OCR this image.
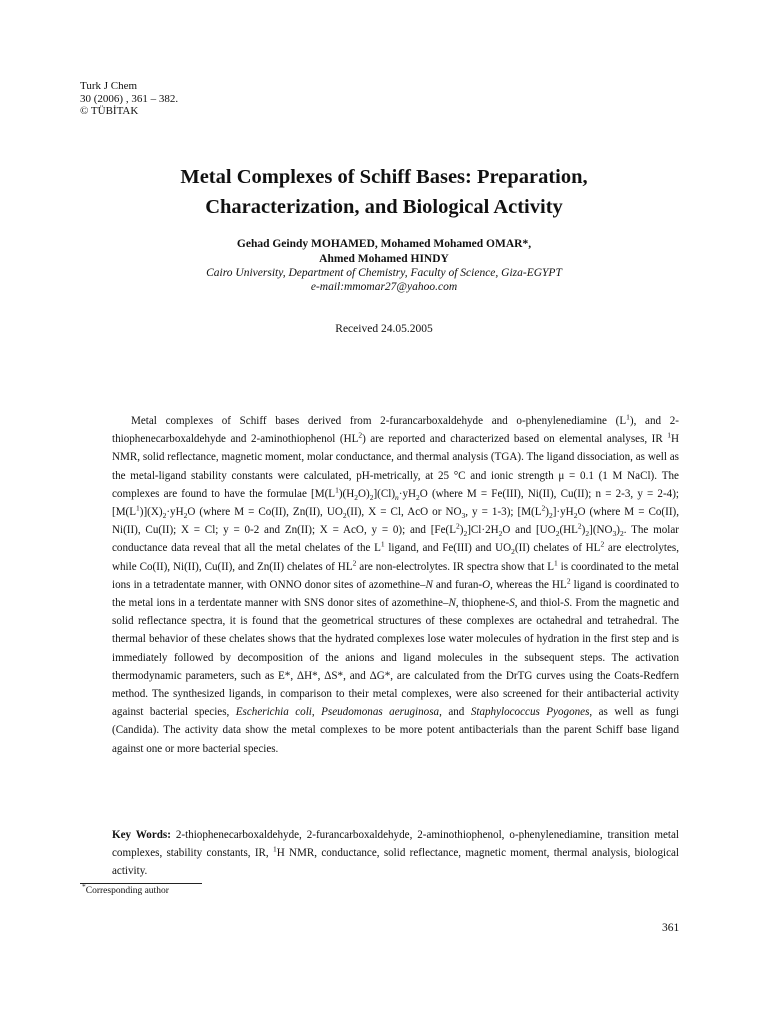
Turk J Chem
30 (2006) , 361 – 382.
© TÜBİTAK
Metal Complexes of Schiff Bases: Preparation,
Characterization, and Biological Activity
Gehad Geindy MOHAMED, Mohamed Mohamed OMAR*,
Ahmed Mohamed HINDY
Cairo University, Department of Chemistry, Faculty of Science, Giza-EGYPT
e-mail:mmomar27@yahoo.com
Received 24.05.2005

Metal complexes of Schiff bases derived from 2-furancarboxaldehyde and o-phenylenediamine $(L^1)$, and 2-thiophenecarboxaldehyde and 2-aminothiophenol $(HL^2)$ are reported and characterized based on elemental analyses, IR $^1$H NMR, solid reflectance, magnetic moment, molar conductance, and thermal analysis (TGA). The ligand dissociation, as well as the metal-ligand stability constants were calculated, pH-metrically, at 25 °C and ionic strength μ = 0.1 (1 M NaCl). The complexes are found to have the formulae $[M(L^1)(H_2O)_2](Cl)_n\cdot yH_2O$ (where M = Fe(III), Ni(II), Cu(II); n = 2-3, y = 2-4); $[M(L^1)](X)_2\cdot yH_2O$ (where M = Co(II), Zn(II), $UO_2(II)$, X = Cl, AcO or $NO_3$, y = 1-3); $[M(L^2)_2]\cdot yH_2O$ (where M = Co(II), Ni(II), Cu(II); X = Cl; y = 0-2 and Zn(II); X = AcO, y = 0); and $[Fe(L^2)_2]Cl\cdot 2H_2O$ and $[UO_2(HL^2)_2](NO_3)_2$. The molar conductance data reveal that all the metal chelates of the $L^1$ ligand, and Fe(III) and $UO_2(II)$ chelates of $HL^2$ are electrolytes, while Co(II), Ni(II), Cu(II), and Zn(II) chelates of $HL^2$ are non-electrolytes. IR spectra show that $L^1$ is coordinated to the metal ions in a tetradentate manner, with ONNO donor sites of azomethine–N and furan-O, whereas the $HL^2$ ligand is coordinated to the metal ions in a terdentate manner with SNS donor sites of azomethine–N, thiophene-S, and thiol-S. From the magnetic and solid reflectance spectra, it is found that the geometrical structures of these complexes are octahedral and tetrahedral. The thermal behavior of these chelates shows that the hydrated complexes lose water molecules of hydration in the first step and is immediately followed by decomposition of the anions and ligand molecules in the subsequent steps. The activation thermodynamic parameters, such as E*, ΔH*, ΔS*, and ΔG*, are calculated from the DrTG curves using the Coats-Redfern method. The synthesized ligands, in comparison to their metal complexes, were also screened for their antibacterial activity against bacterial species, Escherichia coli, Pseudomonas aeruginosa, and Staphylococcus Pyogones, as well as fungi (Candida). The activity data show the metal complexes to be more potent antibacterials than the parent Schiff base ligand against one or more bacterial species.

Key Words: 2-thiophenecarboxaldehyde, 2-furancarboxaldehyde, 2-aminothiophenol, o-phenylenediamine, transition metal complexes, stability constants, IR, $^1$H NMR, conductance, solid reflectance, magnetic moment, thermal analysis, biological activity.

*Corresponding author
361
